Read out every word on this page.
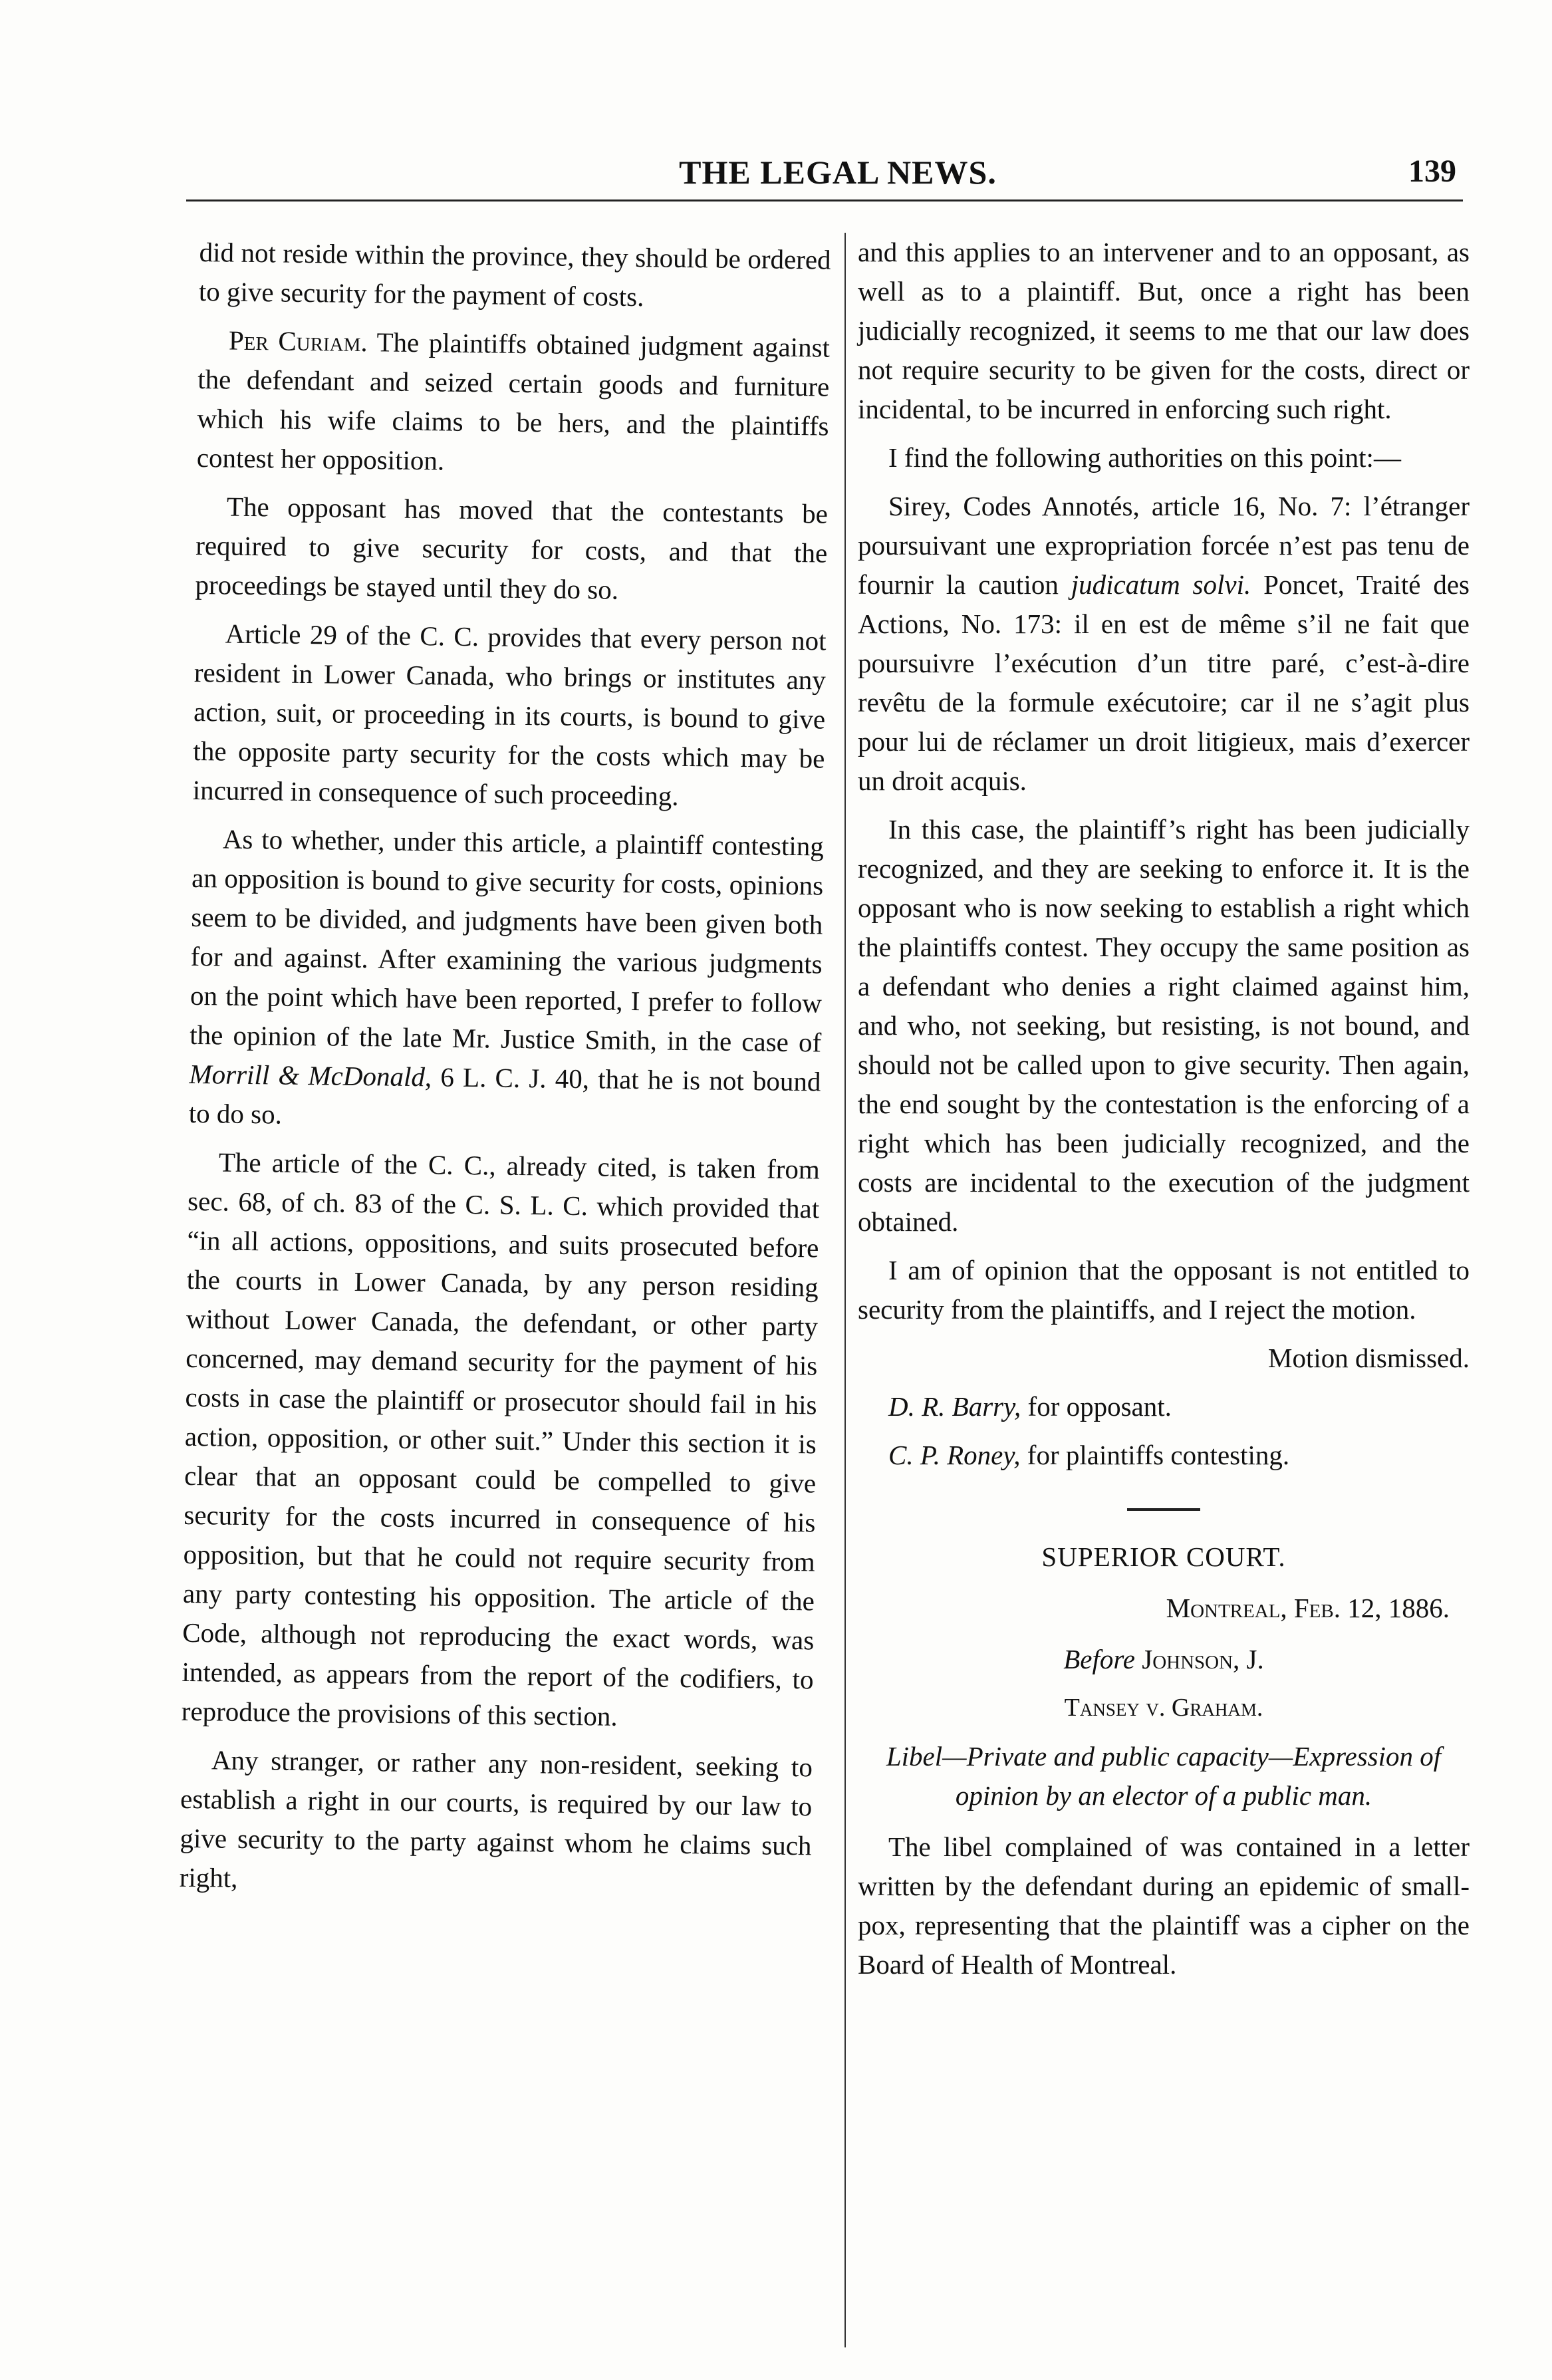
THE LEGAL NEWS.	139

did not reside within the province, they should be ordered to give security for the payment of costs.

Per Curiam. The plaintiffs obtained judgment against the defendant and seized certain goods and furniture which his wife claims to be hers, and the plaintiffs contest her opposition.

The opposant has moved that the contestants be required to give security for costs, and that the proceedings be stayed until they do so.

Article 29 of the C. C. provides that every person not resident in Lower Canada, who brings or institutes any action, suit, or proceeding in its courts, is bound to give the opposite party security for the costs which may be incurred in consequence of such proceeding.

As to whether, under this article, a plaintiff contesting an opposition is bound to give security for costs, opinions seem to be divided, and judgments have been given both for and against. After examining the various judgments on the point which have been reported, I prefer to follow the opinion of the late Mr. Justice Smith, in the case of Morrill & McDonald, 6 L. C. J. 40, that he is not bound to do so.

The article of the C. C., already cited, is taken from sec. 68, of ch. 83 of the C. S. L. C. which provided that “in all actions, oppositions, and suits prosecuted before the courts in Lower Canada, by any person residing without Lower Canada, the defendant, or other party concerned, may demand security for the payment of his costs in case the plaintiff or prosecutor should fail in his action, opposition, or other suit.” Under this section it is clear that an opposant could be compelled to give security for the costs incurred in consequence of his opposition, but that he could not require security from any party contesting his opposition. The article of the Code, although not reproducing the exact words, was intended, as appears from the report of the codifiers, to reproduce the provisions of this section.

Any stranger, or rather any non-resident, seeking to establish a right in our courts, is required by our law to give security to the party against whom he claims such right,

and this applies to an intervener and to an opposant, as well as to a plaintiff. But, once a right has been judicially recognized, it seems to me that our law does not require security to be given for the costs, direct or incidental, to be incurred in enforcing such right.

I find the following authorities on this point:—

Sirey, Codes Annotés, article 16, No. 7: l’étranger poursuivant une expropriation forcée n’est pas tenu de fournir la caution judicatum solvi. Poncet, Traité des Actions, No. 173: il en est de même s’il ne fait que poursuivre l’exécution d’un titre paré, c’est-à-dire revêtu de la formule exécutoire; car il ne s’agit plus pour lui de réclamer un droit litigieux, mais d’exercer un droit acquis.

In this case, the plaintiff’s right has been judicially recognized, and they are seeking to enforce it. It is the opposant who is now seeking to establish a right which the plaintiffs contest. They occupy the same position as a defendant who denies a right claimed against him, and who, not seeking, but resisting, is not bound, and should not be called upon to give security. Then again, the end sought by the contestation is the enforcing of a right which has been judicially recognized, and the costs are incidental to the execution of the judgment obtained.

I am of opinion that the opposant is not entitled to security from the plaintiffs, and I reject the motion.

Motion dismissed.

D. R. Barry, for opposant.

C. P. Roney, for plaintiffs contesting.

SUPERIOR COURT.

Montreal, Feb. 12, 1886.

Before Johnson, J.

Tansey v. Graham.

Libel—Private and public capacity—Expression of opinion by an elector of a public man.

The libel complained of was contained in a letter written by the defendant during an epidemic of small-pox, representing that the plaintiff was a cipher on the Board of Health of Montreal.
